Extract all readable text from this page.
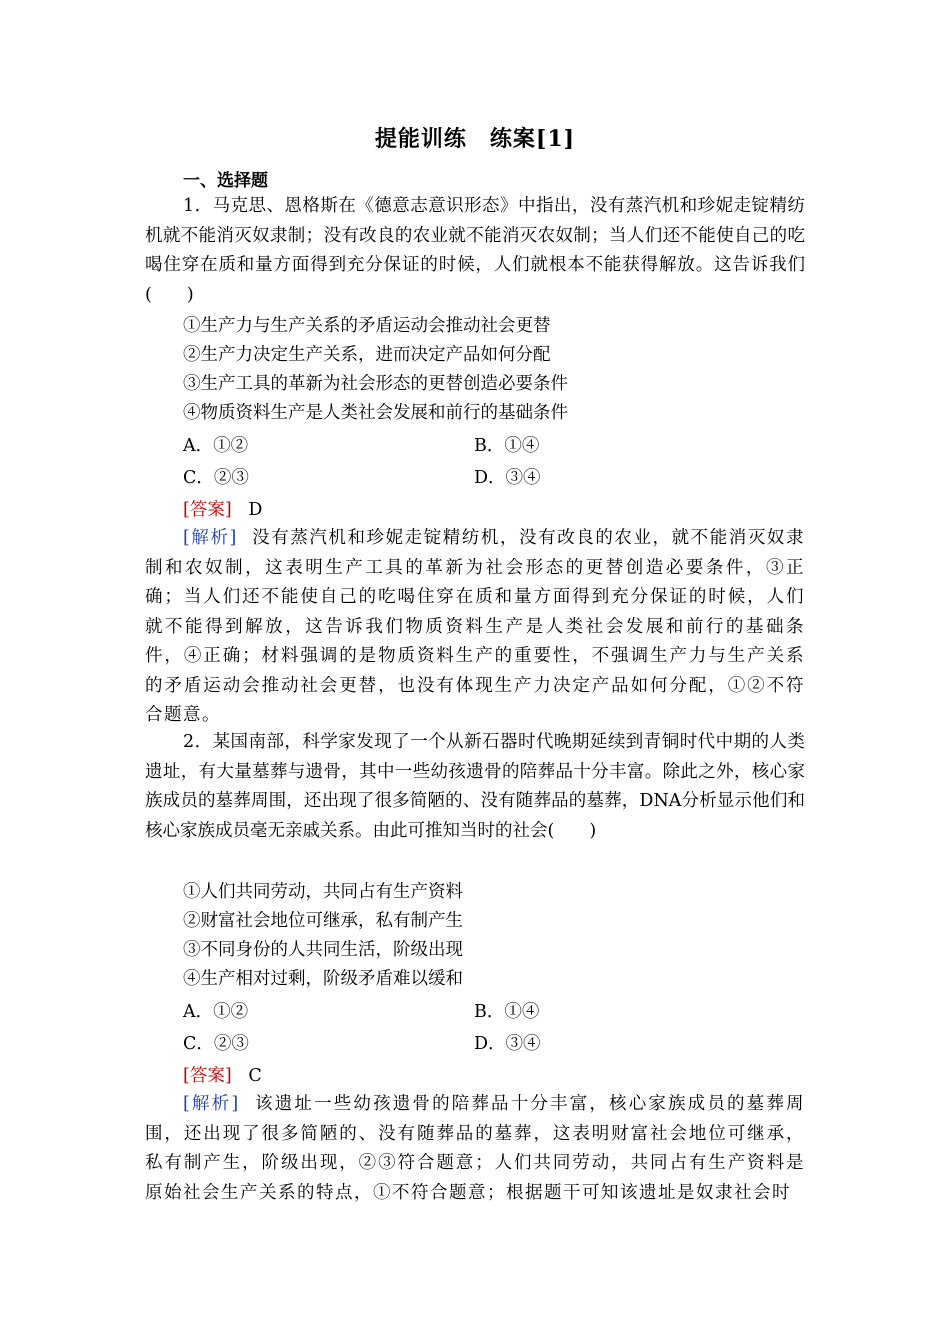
提能训练　练案[1]
一、选择题
1．马克思、恩格斯在《德意志意识形态》中指出，没有蒸汽机和珍妮走锭精纺机就不能消灭奴隶制；没有改良的农业就不能消灭农奴制；当人们还不能使自己的吃喝住穿在质和量方面得到充分保证的时候，人们就根本不能获得解放。这告诉我们(　　)
①生产力与生产关系的矛盾运动会推动社会更替
②生产力决定生产关系，进而决定产品如何分配
③生产工具的革新为社会形态的更替创造必要条件
④物质资料生产是人类社会发展和前行的基础条件
A．①②	B．①④
C．②③	D．③④
[答案] D
[解析] 没有蒸汽机和珍妮走锭精纺机，没有改良的农业，就不能消灭奴隶制和农奴制，这表明生产工具的革新为社会形态的更替创造必要条件，③正确；当人们还不能使自己的吃喝住穿在质和量方面得到充分保证的时候，人们就不能得到解放，这告诉我们物质资料生产是人类社会发展和前行的基础条件，④正确；材料强调的是物质资料生产的重要性，不强调生产力与生产关系的矛盾运动会推动社会更替，也没有体现生产力决定产品如何分配，①②不符合题意。
2．某国南部，科学家发现了一个从新石器时代晚期延续到青铜时代中期的人类遗址，有大量墓葬与遗骨，其中一些幼孩遗骨的陪葬品十分丰富。除此之外，核心家族成员的墓葬周围，还出现了很多简陋的、没有随葬品的墓葬，DNA分析显示他们和核心家族成员毫无亲戚关系。由此可推知当时的社会(　　)
①人们共同劳动，共同占有生产资料
②财富社会地位可继承，私有制产生
③不同身份的人共同生活，阶级出现
④生产相对过剩，阶级矛盾难以缓和
A．①②	B．①④
C．②③	D．③④
[答案] C
[解析] 该遗址一些幼孩遗骨的陪葬品十分丰富，核心家族成员的墓葬周围，还出现了很多简陋的、没有随葬品的墓葬，这表明财富社会地位可继承，私有制产生，阶级出现，②③符合题意；人们共同劳动，共同占有生产资料是原始社会生产关系的特点，①不符合题意；根据题干可知该遗址是奴隶社会时
